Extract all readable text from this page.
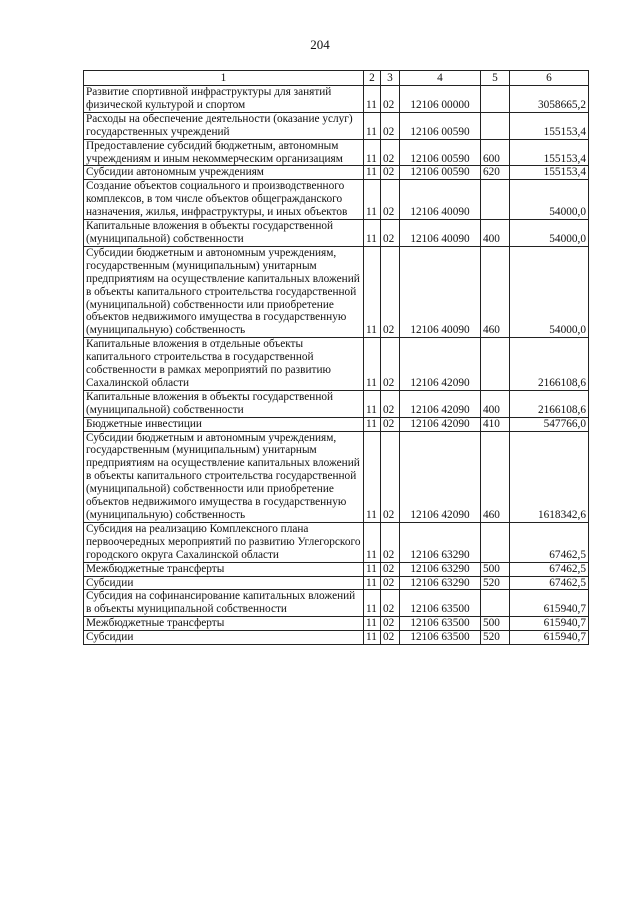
204
1	2	3	4	5	6
Развитие спортивной инфраструктуры для занятий физической культурой и спортом	11	02	12106 00000		3058665,2
Расходы на обеспечение деятельности (оказание услуг) государственных учреждений	11	02	12106 00590		155153,4
Предоставление субсидий бюджетным, автономным учреждениям и иным некоммерческим организациям	11	02	12106 00590	600	155153,4
Субсидии автономным учреждениям	11	02	12106 00590	620	155153,4
Создание объектов социального и производственного комплексов, в том числе объектов общегражданского назначения, жилья, инфраструктуры, и иных объектов	11	02	12106 40090		54000,0
Капитальные вложения в объекты государственной (муниципальной) собственности	11	02	12106 40090	400	54000,0
Субсидии бюджетным и автономным учреждениям, государственным (муниципальным) унитарным предприятиям на осуществление капитальных вложений в объекты капитального строительства государственной (муниципальной) собственности или приобретение объектов недвижимого имущества в государственную (муниципальную) собственность	11	02	12106 40090	460	54000,0
Капитальные вложения в отдельные объекты капитального строительства в государственной собственности в рамках мероприятий по развитию Сахалинской области	11	02	12106 42090		2166108,6
Капитальные вложения в объекты государственной (муниципальной) собственности	11	02	12106 42090	400	2166108,6
Бюджетные инвестиции	11	02	12106 42090	410	547766,0
Субсидии бюджетным и автономным учреждениям, государственным (муниципальным) унитарным предприятиям на осуществление капитальных вложений в объекты капитального строительства государственной (муниципальной) собственности или приобретение объектов недвижимого имущества в государственную (муниципальную) собственность	11	02	12106 42090	460	1618342,6
Субсидия на реализацию Комплексного плана первоочередных мероприятий по развитию Углегорского городского округа Сахалинской области	11	02	12106 63290		67462,5
Межбюджетные трансферты	11	02	12106 63290	500	67462,5
Субсидии	11	02	12106 63290	520	67462,5
Субсидия на софинансирование капитальных вложений в объекты муниципальной собственности	11	02	12106 63500		615940,7
Межбюджетные трансферты	11	02	12106 63500	500	615940,7
Субсидии	11	02	12106 63500	520	615940,7
